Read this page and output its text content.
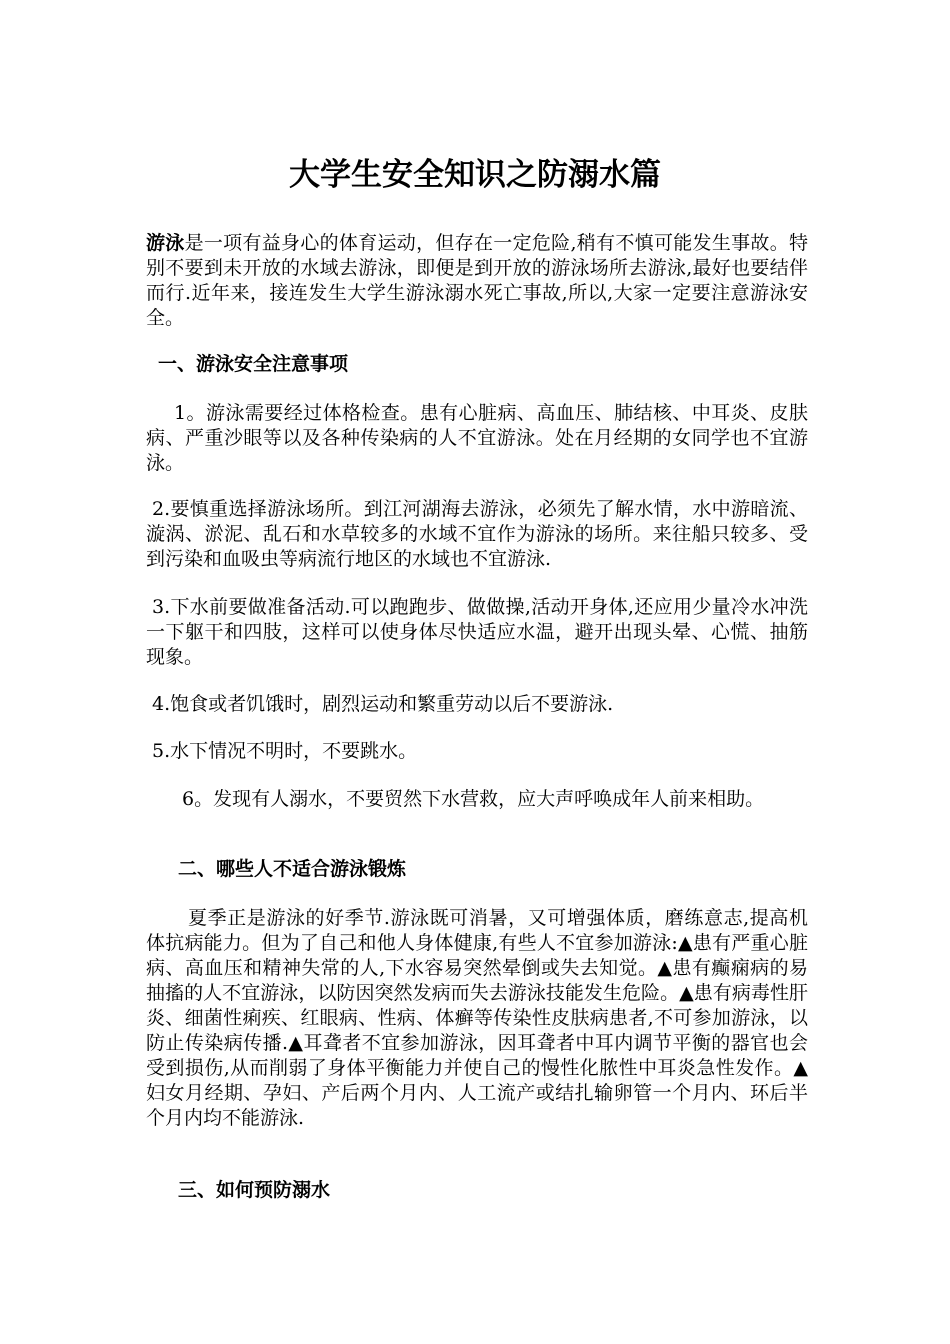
大学生安全知识之防溺水篇
游泳是一项有益身心的体育运动，但存在一定危险,稍有不慎可能发生事故。特别不要到未开放的水域去游泳，即便是到开放的游泳场所去游泳,最好也要结伴而行.近年来，接连发生大学生游泳溺水死亡事故,所以,大家一定要注意游泳安全。
一、游泳安全注意事项
1。游泳需要经过体格检查。患有心脏病、高血压、肺结核、中耳炎、皮肤病、严重沙眼等以及各种传染病的人不宜游泳。处在月经期的女同学也不宜游泳。
2.要慎重选择游泳场所。到江河湖海去游泳，必须先了解水情，水中游暗流、漩涡、淤泥、乱石和水草较多的水域不宜作为游泳的场所。来往船只较多、受到污染和血吸虫等病流行地区的水域也不宜游泳.
3.下水前要做准备活动.可以跑跑步、做做操,活动开身体,还应用少量冷水冲洗一下躯干和四肢，这样可以使身体尽快适应水温，避开出现头晕、心慌、抽筋现象。
4.饱食或者饥饿时，剧烈运动和繁重劳动以后不要游泳.
5.水下情况不明时，不要跳水。
6。发现有人溺水，不要贸然下水营救，应大声呼唤成年人前来相助。
二、哪些人不适合游泳锻炼
夏季正是游泳的好季节.游泳既可消暑，又可增强体质，磨练意志,提高机体抗病能力。但为了自己和他人身体健康,有些人不宜参加游泳:▲患有严重心脏病、高血压和精神失常的人,下水容易突然晕倒或失去知觉。▲患有癫痫病的易抽搐的人不宜游泳，以防因突然发病而失去游泳技能发生危险。▲患有病毒性肝炎、细菌性痢疾、红眼病、性病、体癣等传染性皮肤病患者,不可参加游泳，以防止传染病传播.▲耳聋者不宜参加游泳，因耳聋者中耳内调节平衡的器官也会受到损伤,从而削弱了身体平衡能力并使自己的慢性化脓性中耳炎急性发作。▲妇女月经期、孕妇、产后两个月内、人工流产或结扎输卵管一个月内、环后半个月内均不能游泳.
三、如何预防溺水
